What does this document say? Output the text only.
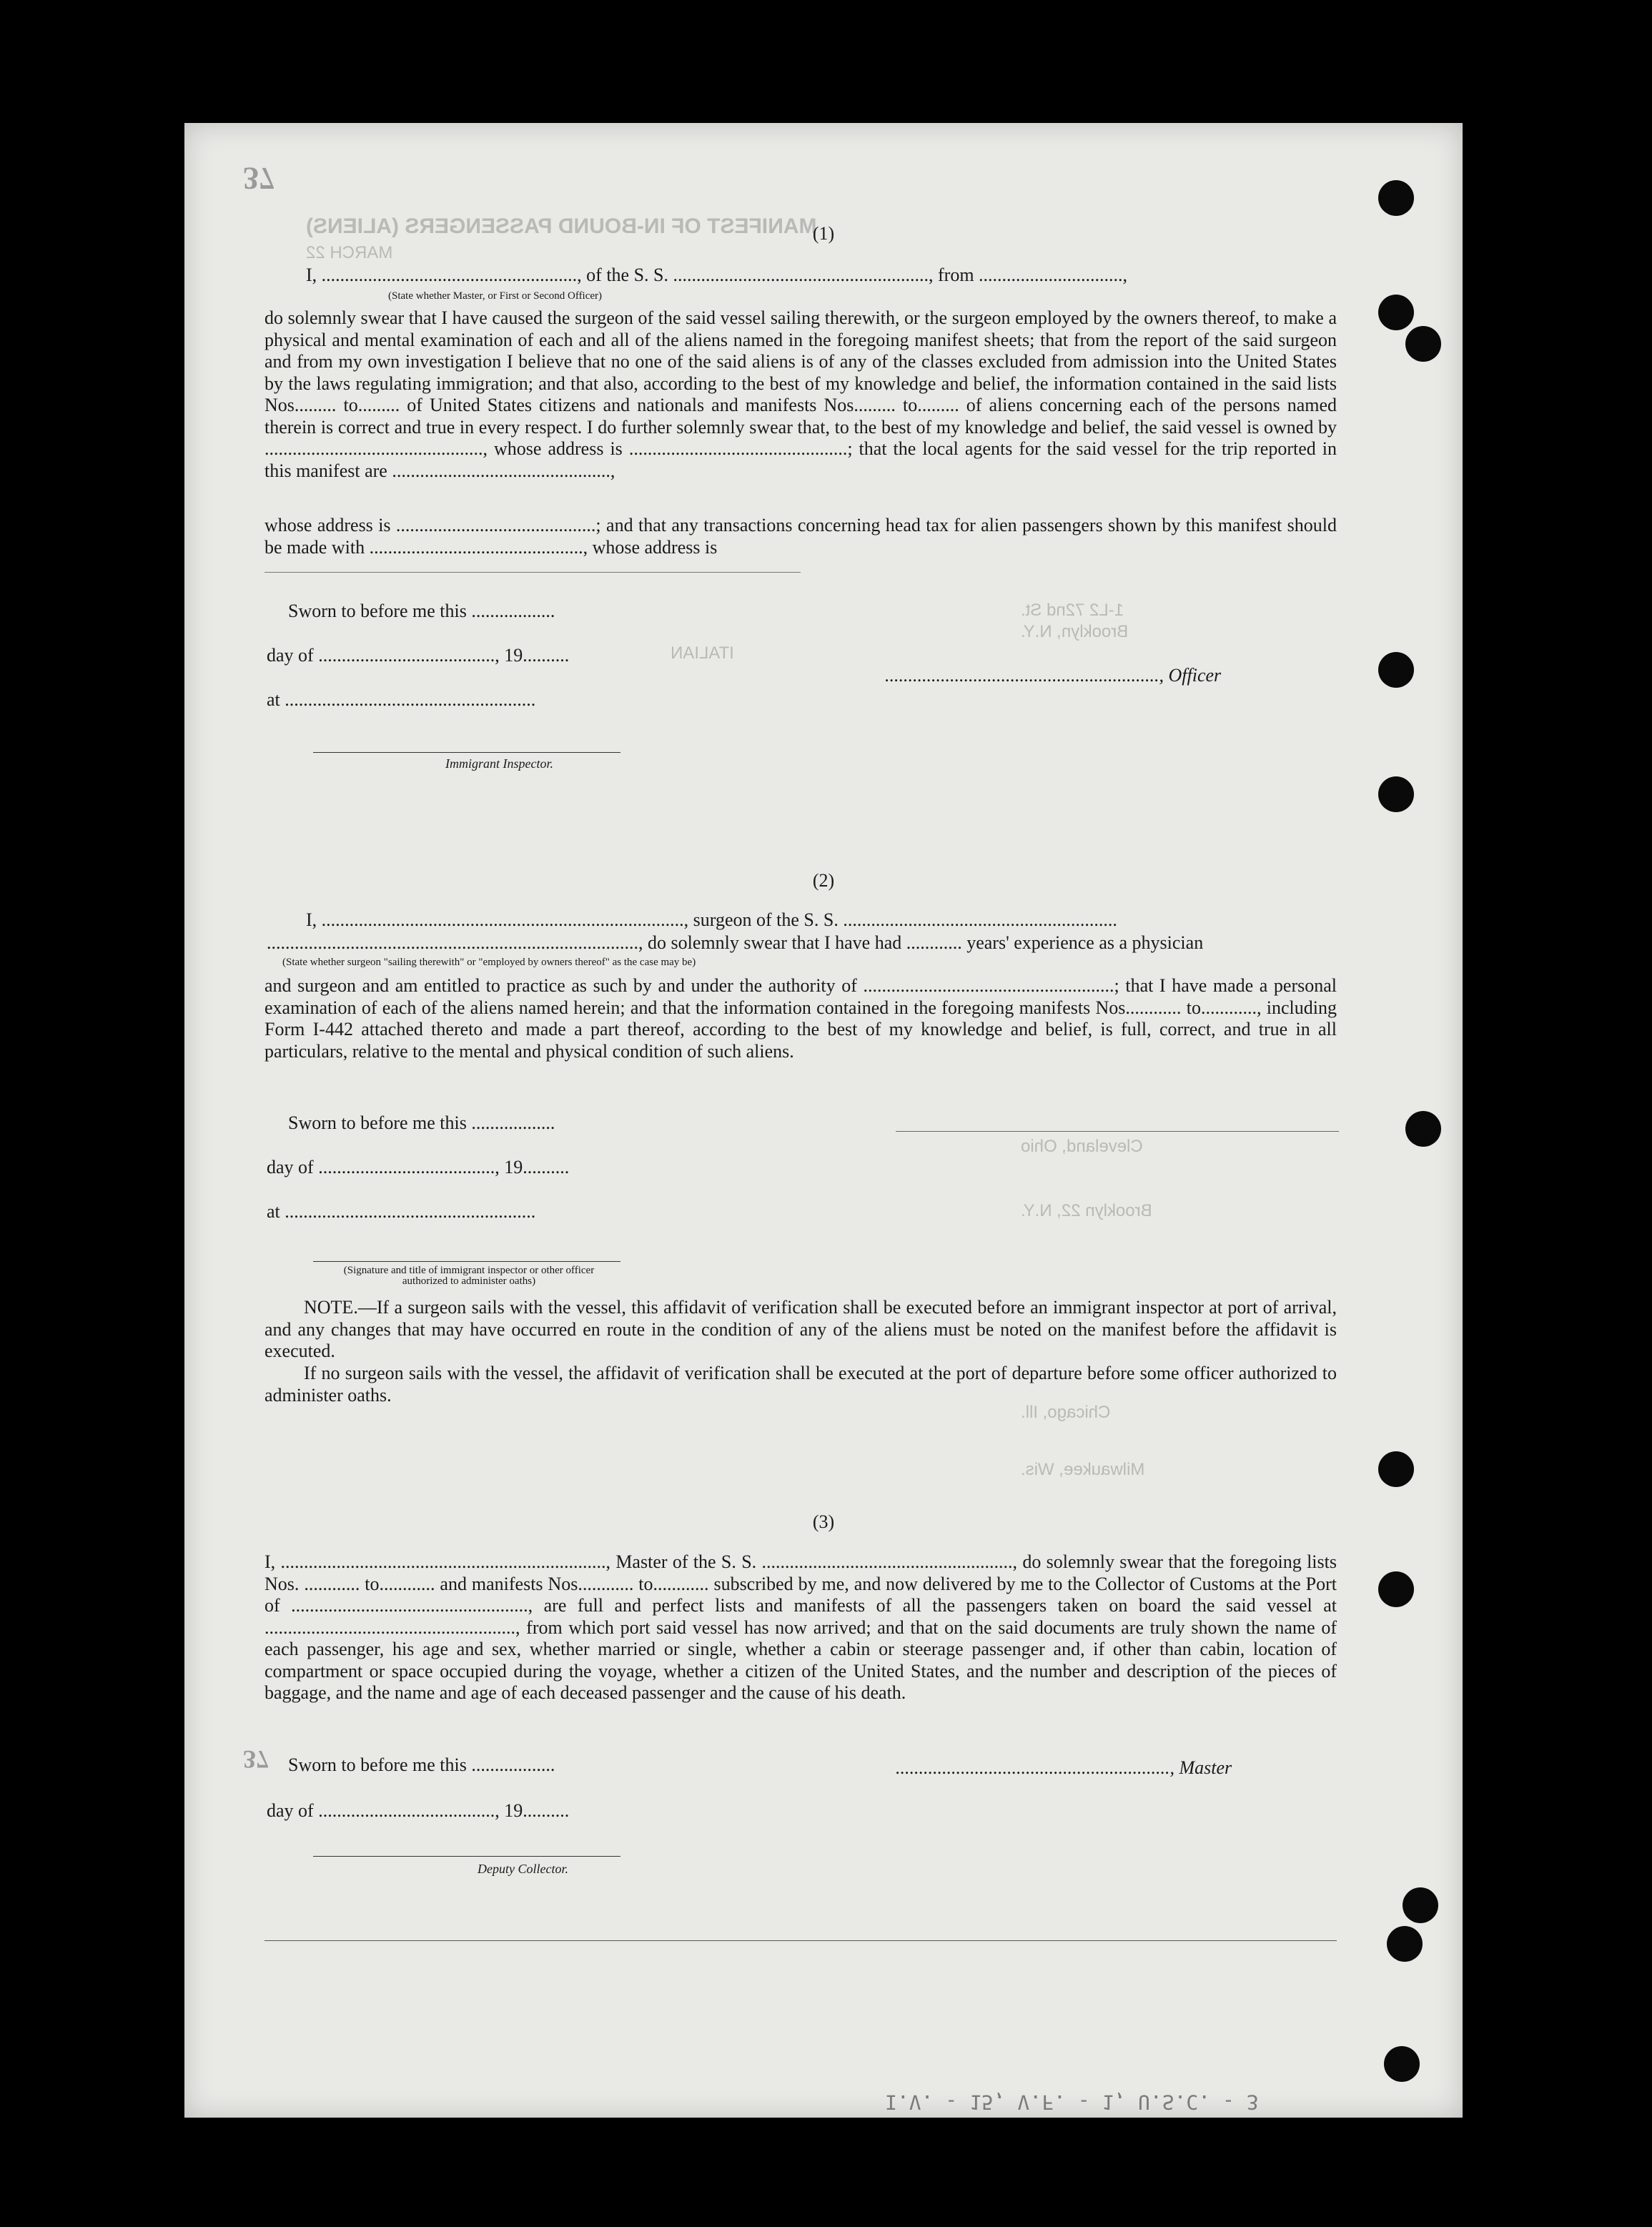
MANIFEST OF IN-BOUND PASSENGERS (ALIENS)
MARCH 22
1-L2 72nd St.
Brooklyn, N.Y.
ITALIAN
Cleveland, Ohio
Brooklyn 22, N.Y.
Chicago, Ill.
Milwaukee, Wis.
37
37
(1)
I, ......................................................., of the S. S. ......................................................., from ...............................,
(State whether Master, or First or Second Officer)
do solemnly swear that I have caused the surgeon of the said vessel sailing therewith, or the surgeon employed by the owners thereof, to make a physical and mental examination of each and all of the aliens named in the foregoing manifest sheets; that from the report of the said surgeon and from my own investigation I believe that no one of the said aliens is of any of the classes excluded from admission into the United States by the laws regulating immigration; and that also, according to the best of my knowledge and belief, the information contained in the said lists Nos......... to......... of United States citizens and nationals and manifests Nos......... to......... of aliens concerning each of the persons named therein is correct and true in every respect. I do further solemnly swear that, to the best of my knowledge and belief, the said vessel is owned by ..............................................., whose address is ...............................................; that the local agents for the said vessel for the trip reported in this manifest are ...............................................,
whose address is ...........................................; and that any transactions concerning head tax for alien passengers shown by this manifest should be made with .............................................., whose address is
Sworn to before me this ..................
day of ......................................, 19..........
..........................................................., Officer
at ......................................................
Immigrant Inspector.
(2)
I, .............................................................................., surgeon of the S. S. ...........................................................
................................................................................, do solemnly swear that I have had ............ years' experience as a physician
(State whether surgeon "sailing therewith" or "employed by owners thereof" as the case may be)
and surgeon and am entitled to practice as such by and under the authority of ......................................................; that I have made a personal examination of each of the aliens named herein; and that the information contained in the foregoing manifests Nos............ to............, including Form I-442 attached thereto and made a part thereof, according to the best of my knowledge and belief, is full, correct, and true in all particulars, relative to the mental and physical condition of such aliens.
Sworn to before me this ..................
day of ......................................, 19..........
at ......................................................
(Signature and title of immigrant inspector or other officer authorized to administer oaths)
NOTE.—If a surgeon sails with the vessel, this affidavit of verification shall be executed before an immigrant inspector at port of arrival, and any changes that may have occurred en route in the condition of any of the aliens must be noted on the manifest before the affidavit is executed.
If no surgeon sails with the vessel, the affidavit of verification shall be executed at the port of departure before some officer authorized to administer oaths.
(3)
I, ......................................................................, Master of the S. S. ......................................................, do solemnly swear that the foregoing lists Nos. ............ to............ and manifests Nos............ to............ subscribed by me, and now delivered by me to the Collector of Customs at the Port of ..................................................., are full and perfect lists and manifests of all the passengers taken on board the said vessel at ......................................................, from which port said vessel has now arrived; and that on the said documents are truly shown the name of each passenger, his age and sex, whether married or single, whether a cabin or steerage passenger and, if other than cabin, location of compartment or space occupied during the voyage, whether a citizen of the United States, and the number and description of the pieces of baggage, and the name and age of each deceased passenger and the cause of his death.
Sworn to before me this ..................	..........................................................., Master
day of ......................................, 19..........
Deputy Collector.
I.V. - 15, V.F. - 1, U.S.C. - 3
